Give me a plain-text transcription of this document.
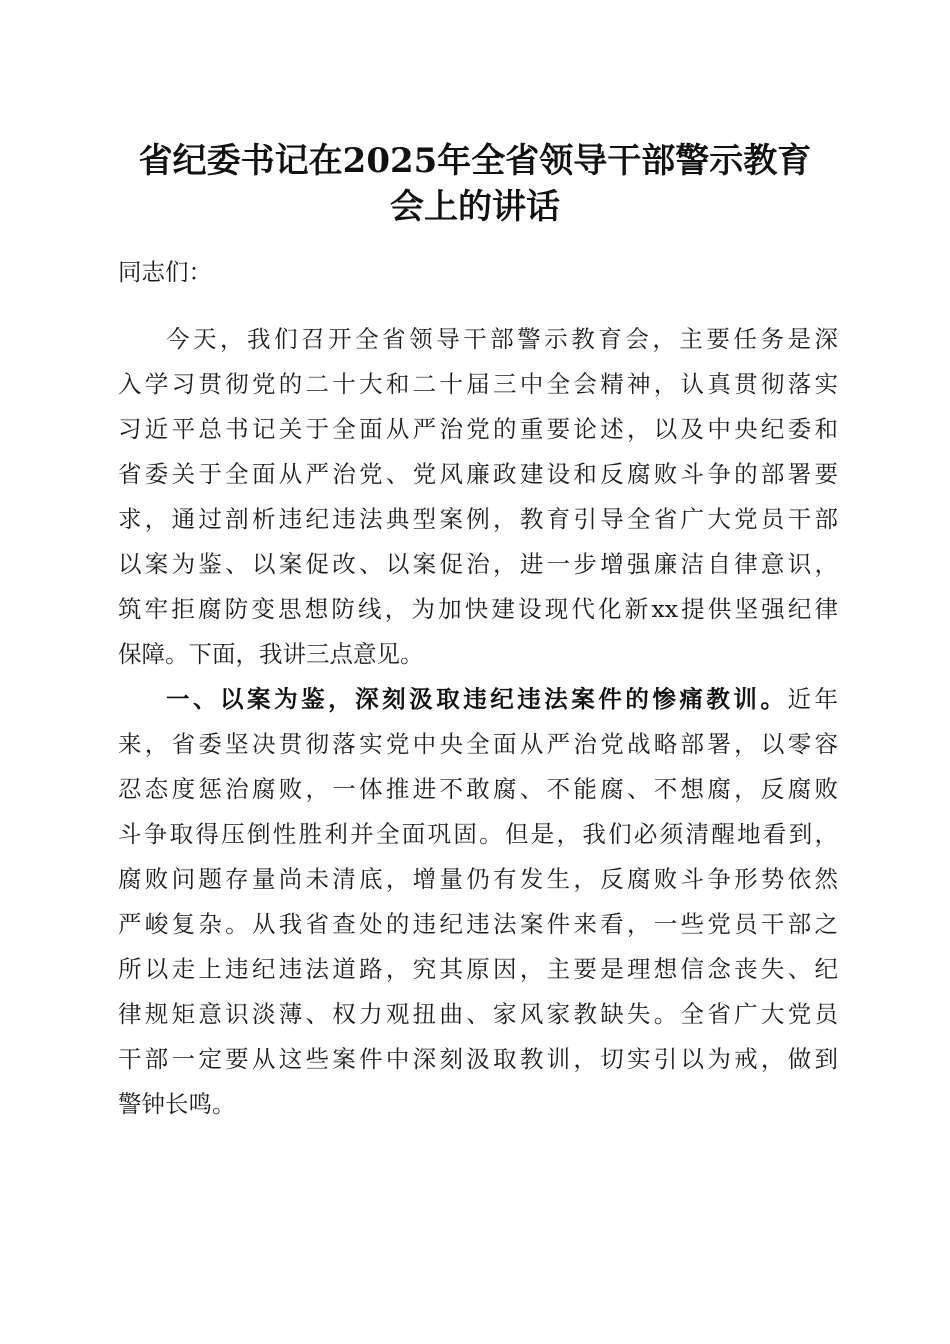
省纪委书记在2025年全省领导干部警示教育
会上的讲话
同志们：
今天，我们召开全省领导干部警示教育会，主要任务是深
入学习贯彻党的二十大和二十届三中全会精神，认真贯彻落实
习近平总书记关于全面从严治党的重要论述，以及中央纪委和
省委关于全面从严治党、党风廉政建设和反腐败斗争的部署要
求，通过剖析违纪违法典型案例，教育引导全省广大党员干部
以案为鉴、以案促改、以案促治，进一步增强廉洁自律意识，
筑牢拒腐防变思想防线，为加快建设现代化新xx提供坚强纪律
保障。下面，我讲三点意见。
一、以案为鉴，深刻汲取违纪违法案件的惨痛教训。近年
来，省委坚决贯彻落实党中央全面从严治党战略部署，以零容
忍态度惩治腐败，一体推进不敢腐、不能腐、不想腐，反腐败
斗争取得压倒性胜利并全面巩固。但是，我们必须清醒地看到，
腐败问题存量尚未清底，增量仍有发生，反腐败斗争形势依然
严峻复杂。从我省查处的违纪违法案件来看，一些党员干部之
所以走上违纪违法道路，究其原因，主要是理想信念丧失、纪
律规矩意识淡薄、权力观扭曲、家风家教缺失。全省广大党员
干部一定要从这些案件中深刻汲取教训，切实引以为戒，做到
警钟长鸣。
